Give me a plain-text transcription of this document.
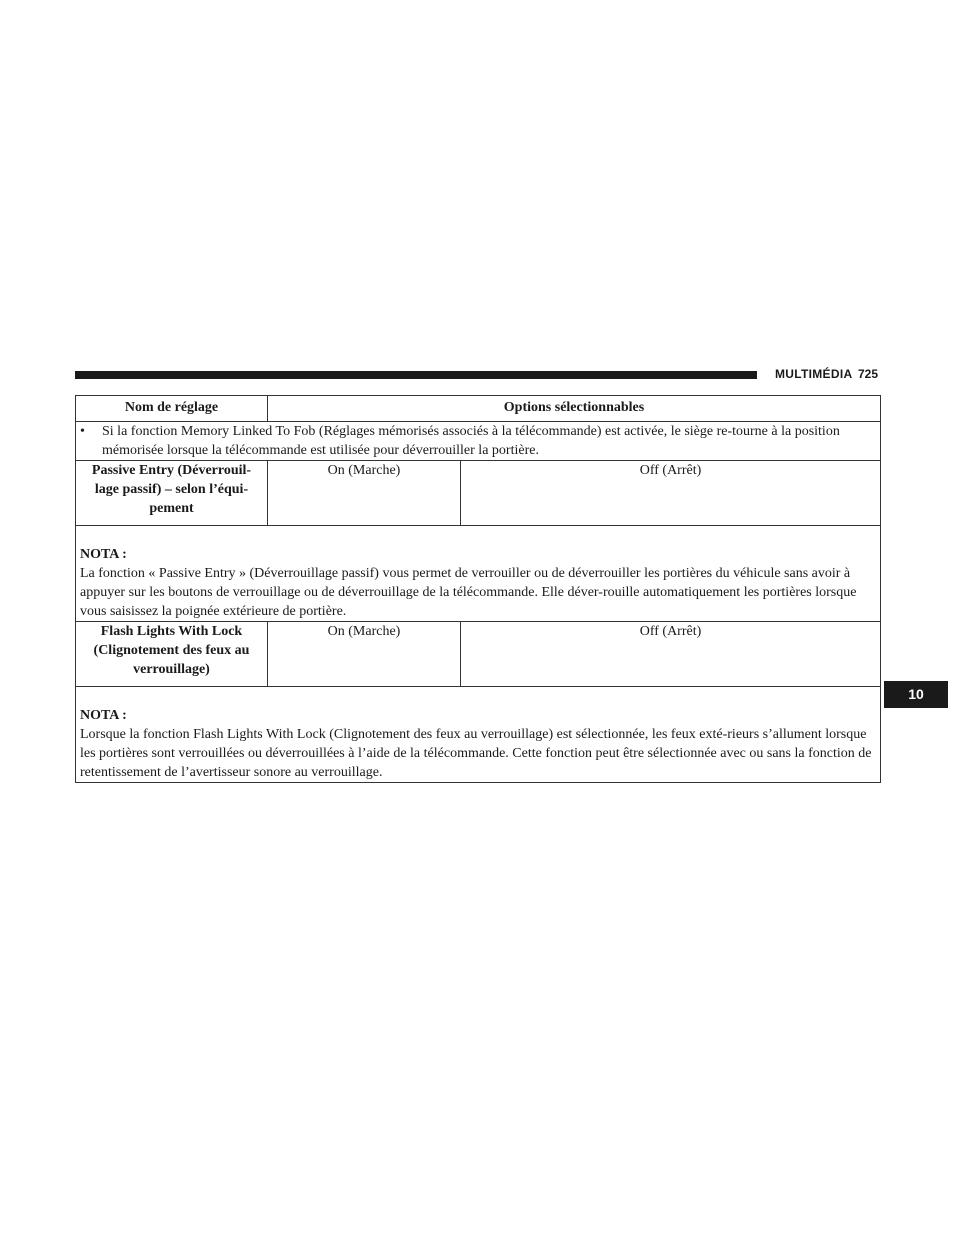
MULTIMÉDIA 725
10
Nom de réglage	Options sélectionnables	

• Si la fonction Memory Linked To Fob (Réglages mémorisés associés à la télécommande) est activée, le siège re-tourne à la position mémorisée lorsque la télécommande est utilisée pour déverrouiller la portière.		

Passive Entry (Déverrouil-lage passif) – selon l’équi-pement	On (Marche)	Off (Arrêt)

NOTA :
La fonction « Passive Entry » (Déverrouillage passif) vous permet de verrouiller ou de déverrouiller les portières du véhicule sans avoir à appuyer sur les boutons de verrouillage ou de déverrouillage de la télécommande. Elle déver-rouille automatiquement les portières lorsque vous saisissez la poignée extérieure de portière.		
Flash Lights With Lock (Clignotement des feux au verrouillage)	On (Marche)	Off (Arrêt)

NOTA :
Lorsque la fonction Flash Lights With Lock (Clignotement des feux au verrouillage) est sélectionnée, les feux exté-rieurs s’allument lorsque les portières sont verrouillées ou déverrouillées à l’aide de la télécommande. Cette fonction peut être sélectionnée avec ou sans la fonction de retentissement de l’avertisseur sonore au verrouillage.		
